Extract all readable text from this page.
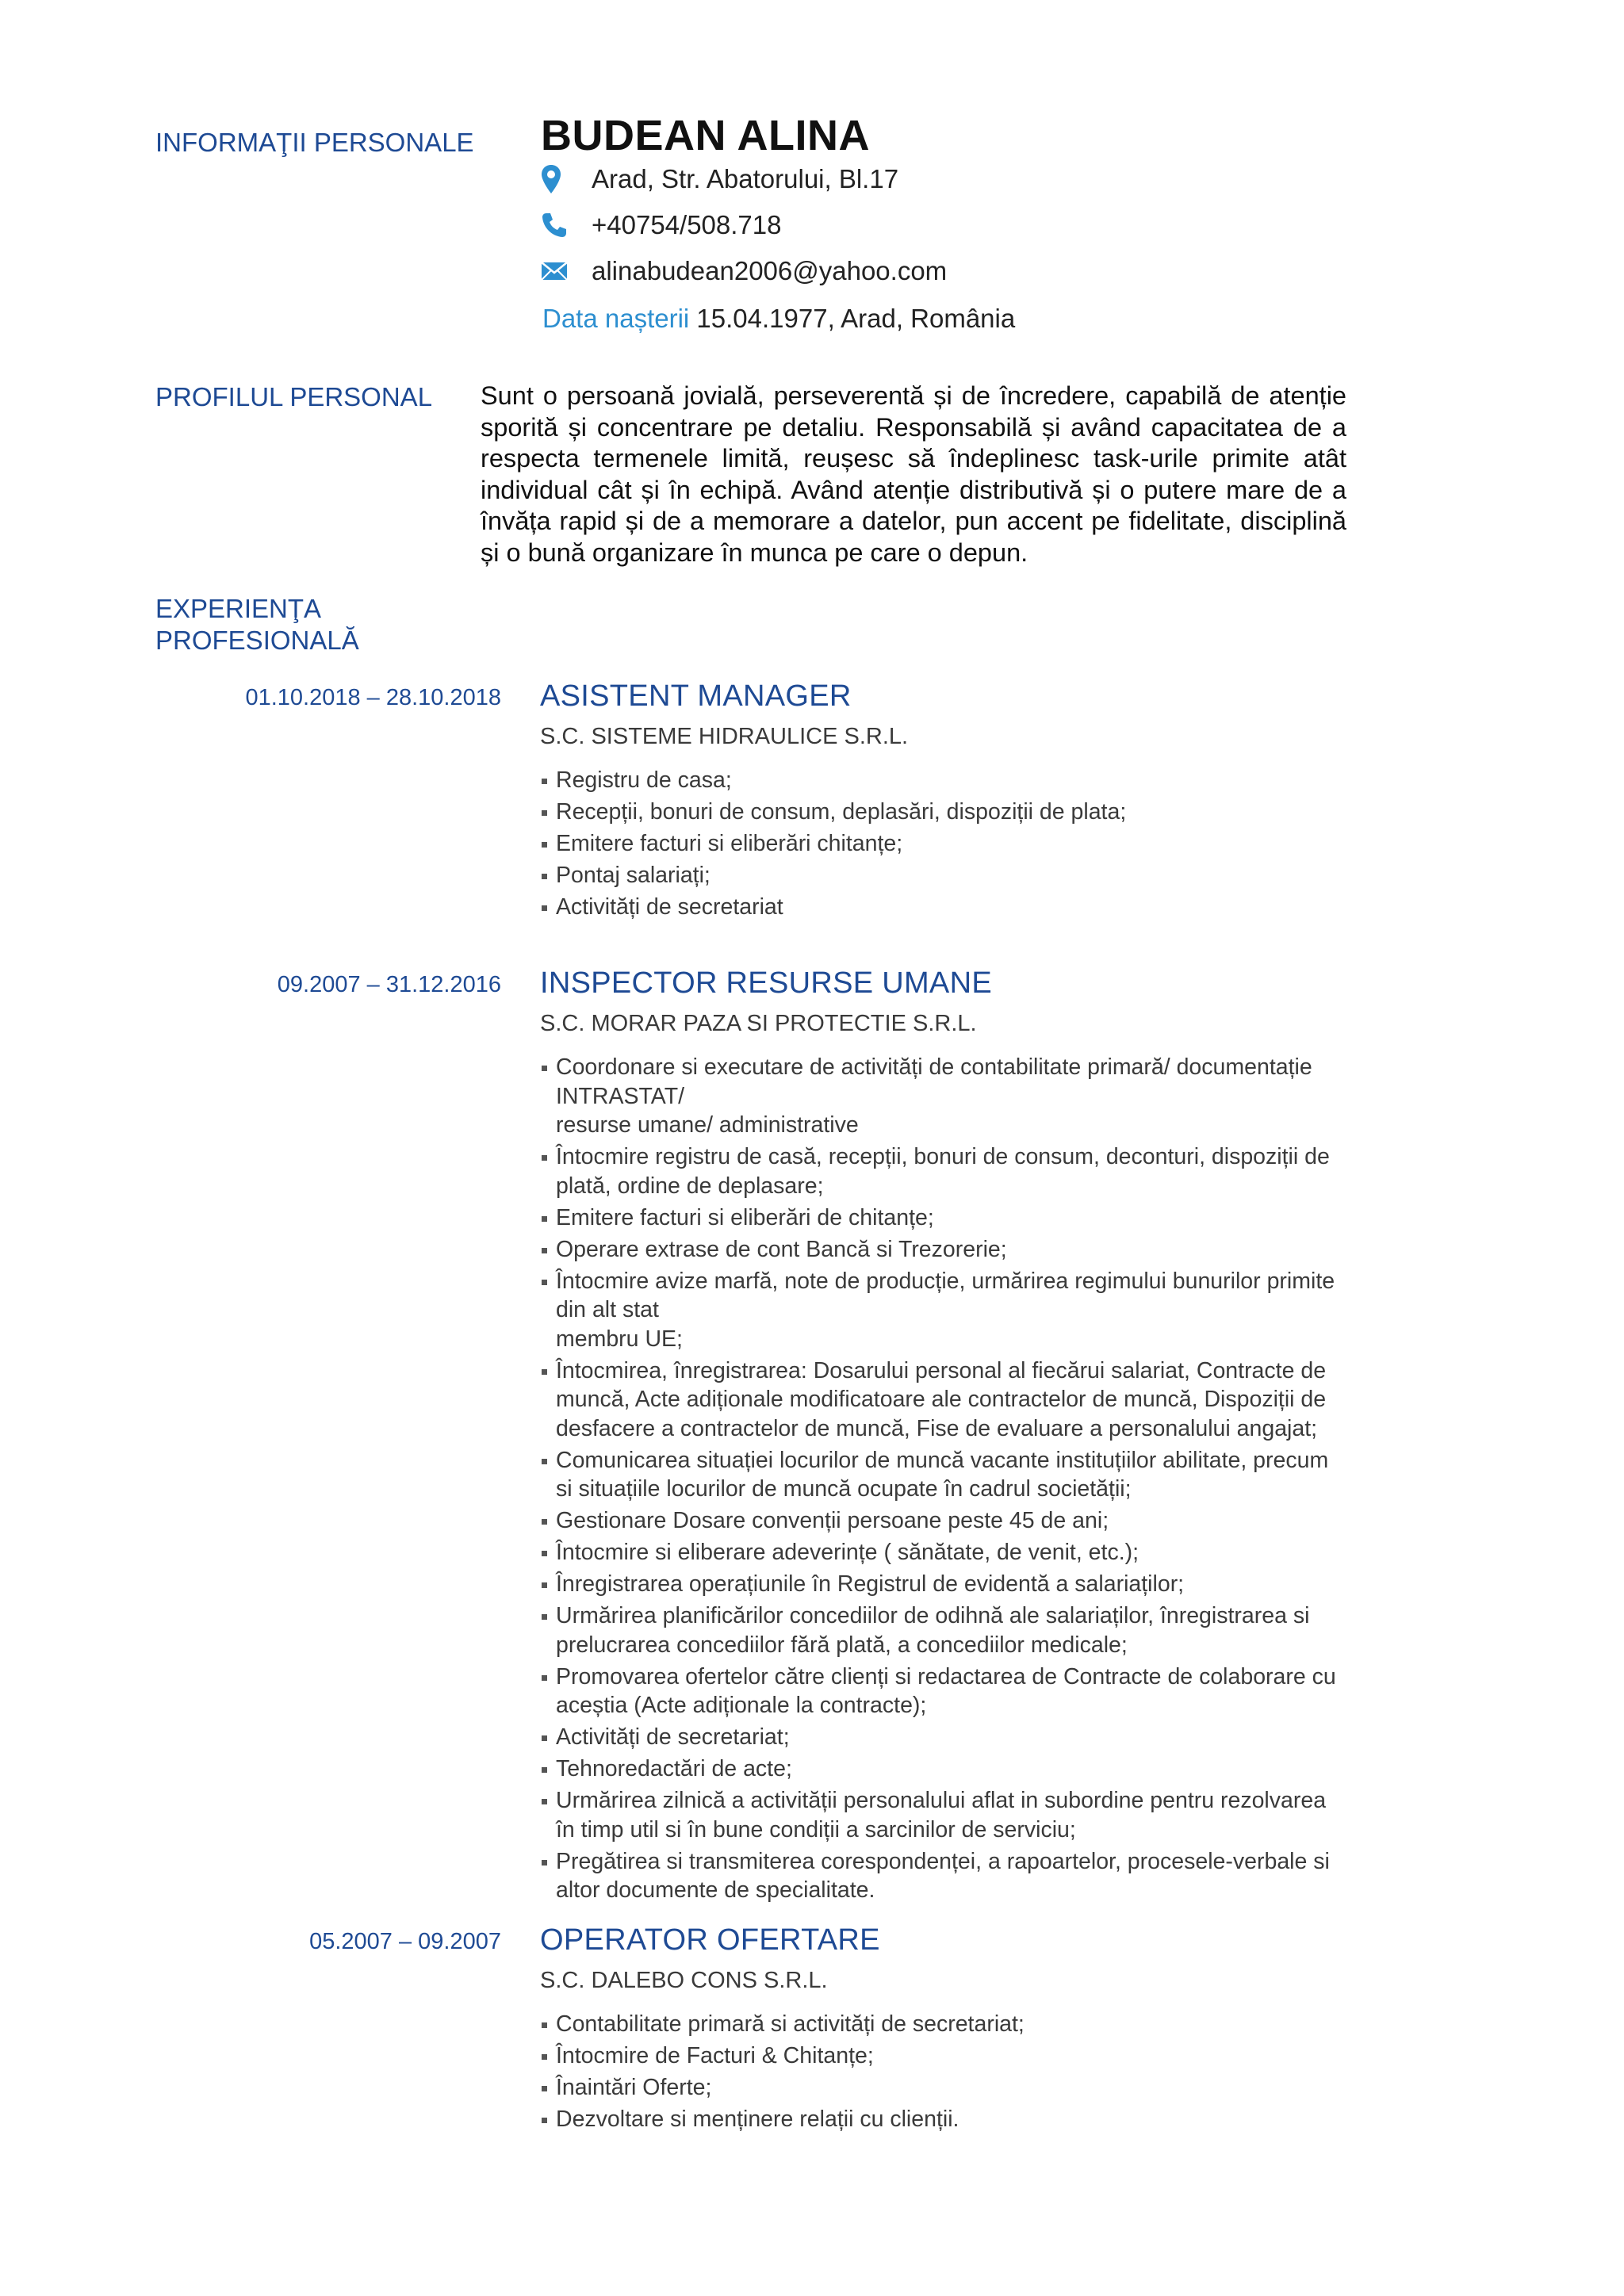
INFORMAŢII PERSONALE	BUDEAN ALINA
Arad, Str. Abatorului, Bl.17
+40754/508.718
alinabudean2006@yahoo.com
Data nașterii 15.04.1977, Arad, România
PROFILUL PERSONAL	Sunt o persoană jovială, perseverentă și de încredere, capabilă de atenție sporită și concentrare pe detaliu. Responsabilă și având capacitatea de a respecta termenele limită, reușesc să îndeplinesc task-urile primite atât individual cât și în echipă. Având atenție distributivă și o putere mare de a învăța rapid și de a memorare a datelor, pun accent pe fidelitate, disciplină și o bună organizare în munca pe care o depun.
EXPERIENŢA
PROFESIONALĂ
01.10.2018 – 28.10.2018 ASISTENT MANAGER
S.C. SISTEME HIDRAULICE S.R.L.
Registru de casa;
Recepții, bonuri de consum, deplasări, dispoziții de plata;
Emitere facturi si eliberări chitanțe;
Pontaj salariați;
Activități de secretariat
09.2007 – 31.12.2016 INSPECTOR RESURSE UMANE
S.C. MORAR PAZA SI PROTECTIE S.R.L.
Coordonare si executare de activități de contabilitate primară/ documentație INTRASTAT/
resurse umane/ administrative
Întocmire registru de casă, recepții, bonuri de consum, deconturi, dispoziții de plată, ordine de deplasare;
Emitere facturi si eliberări de chitanțe;
Operare extrase de cont Bancă si Trezorerie;
Întocmire avize marfă, note de producție, urmărirea regimului bunurilor primite din alt stat
membru UE;
Întocmirea, înregistrarea: Dosarului personal al fiecărui salariat, Contracte de muncă, Acte adiționale modificatoare ale contractelor de muncă, Dispoziții de desfacere a contractelor de muncă, Fise de evaluare a personalului angajat;
Comunicarea situației locurilor de muncă vacante instituțiilor abilitate, precum si situațiile locurilor de muncă ocupate în cadrul societății;
Gestionare Dosare convenții persoane peste 45 de ani;
Întocmire si eliberare adeverințe ( sănătate, de venit, etc.);
Înregistrarea operațiunile în Registrul de evidentă a salariaților;
Urmărirea planificărilor concediilor de odihnă ale salariaților, înregistrarea si prelucrarea concediilor fără plată, a concediilor medicale;
Promovarea ofertelor către clienți si redactarea de Contracte de colaborare cu aceștia (Acte adiționale la contracte);
Activități de secretariat;
Tehnoredactări de acte;
Urmărirea zilnică a activității personalului aflat in subordine pentru rezolvarea în timp util si în bune condiții a sarcinilor de serviciu;
Pregătirea si transmiterea corespondenței, a rapoartelor, procesele-verbale si altor documente de specialitate.
05.2007 – 09.2007 OPERATOR OFERTARE
S.C. DALEBO CONS S.R.L.
Contabilitate primară si activități de secretariat;
Întocmire de Facturi & Chitanțe;
Înaintări Oferte;
Dezvoltare si menținere relații cu clienții.
